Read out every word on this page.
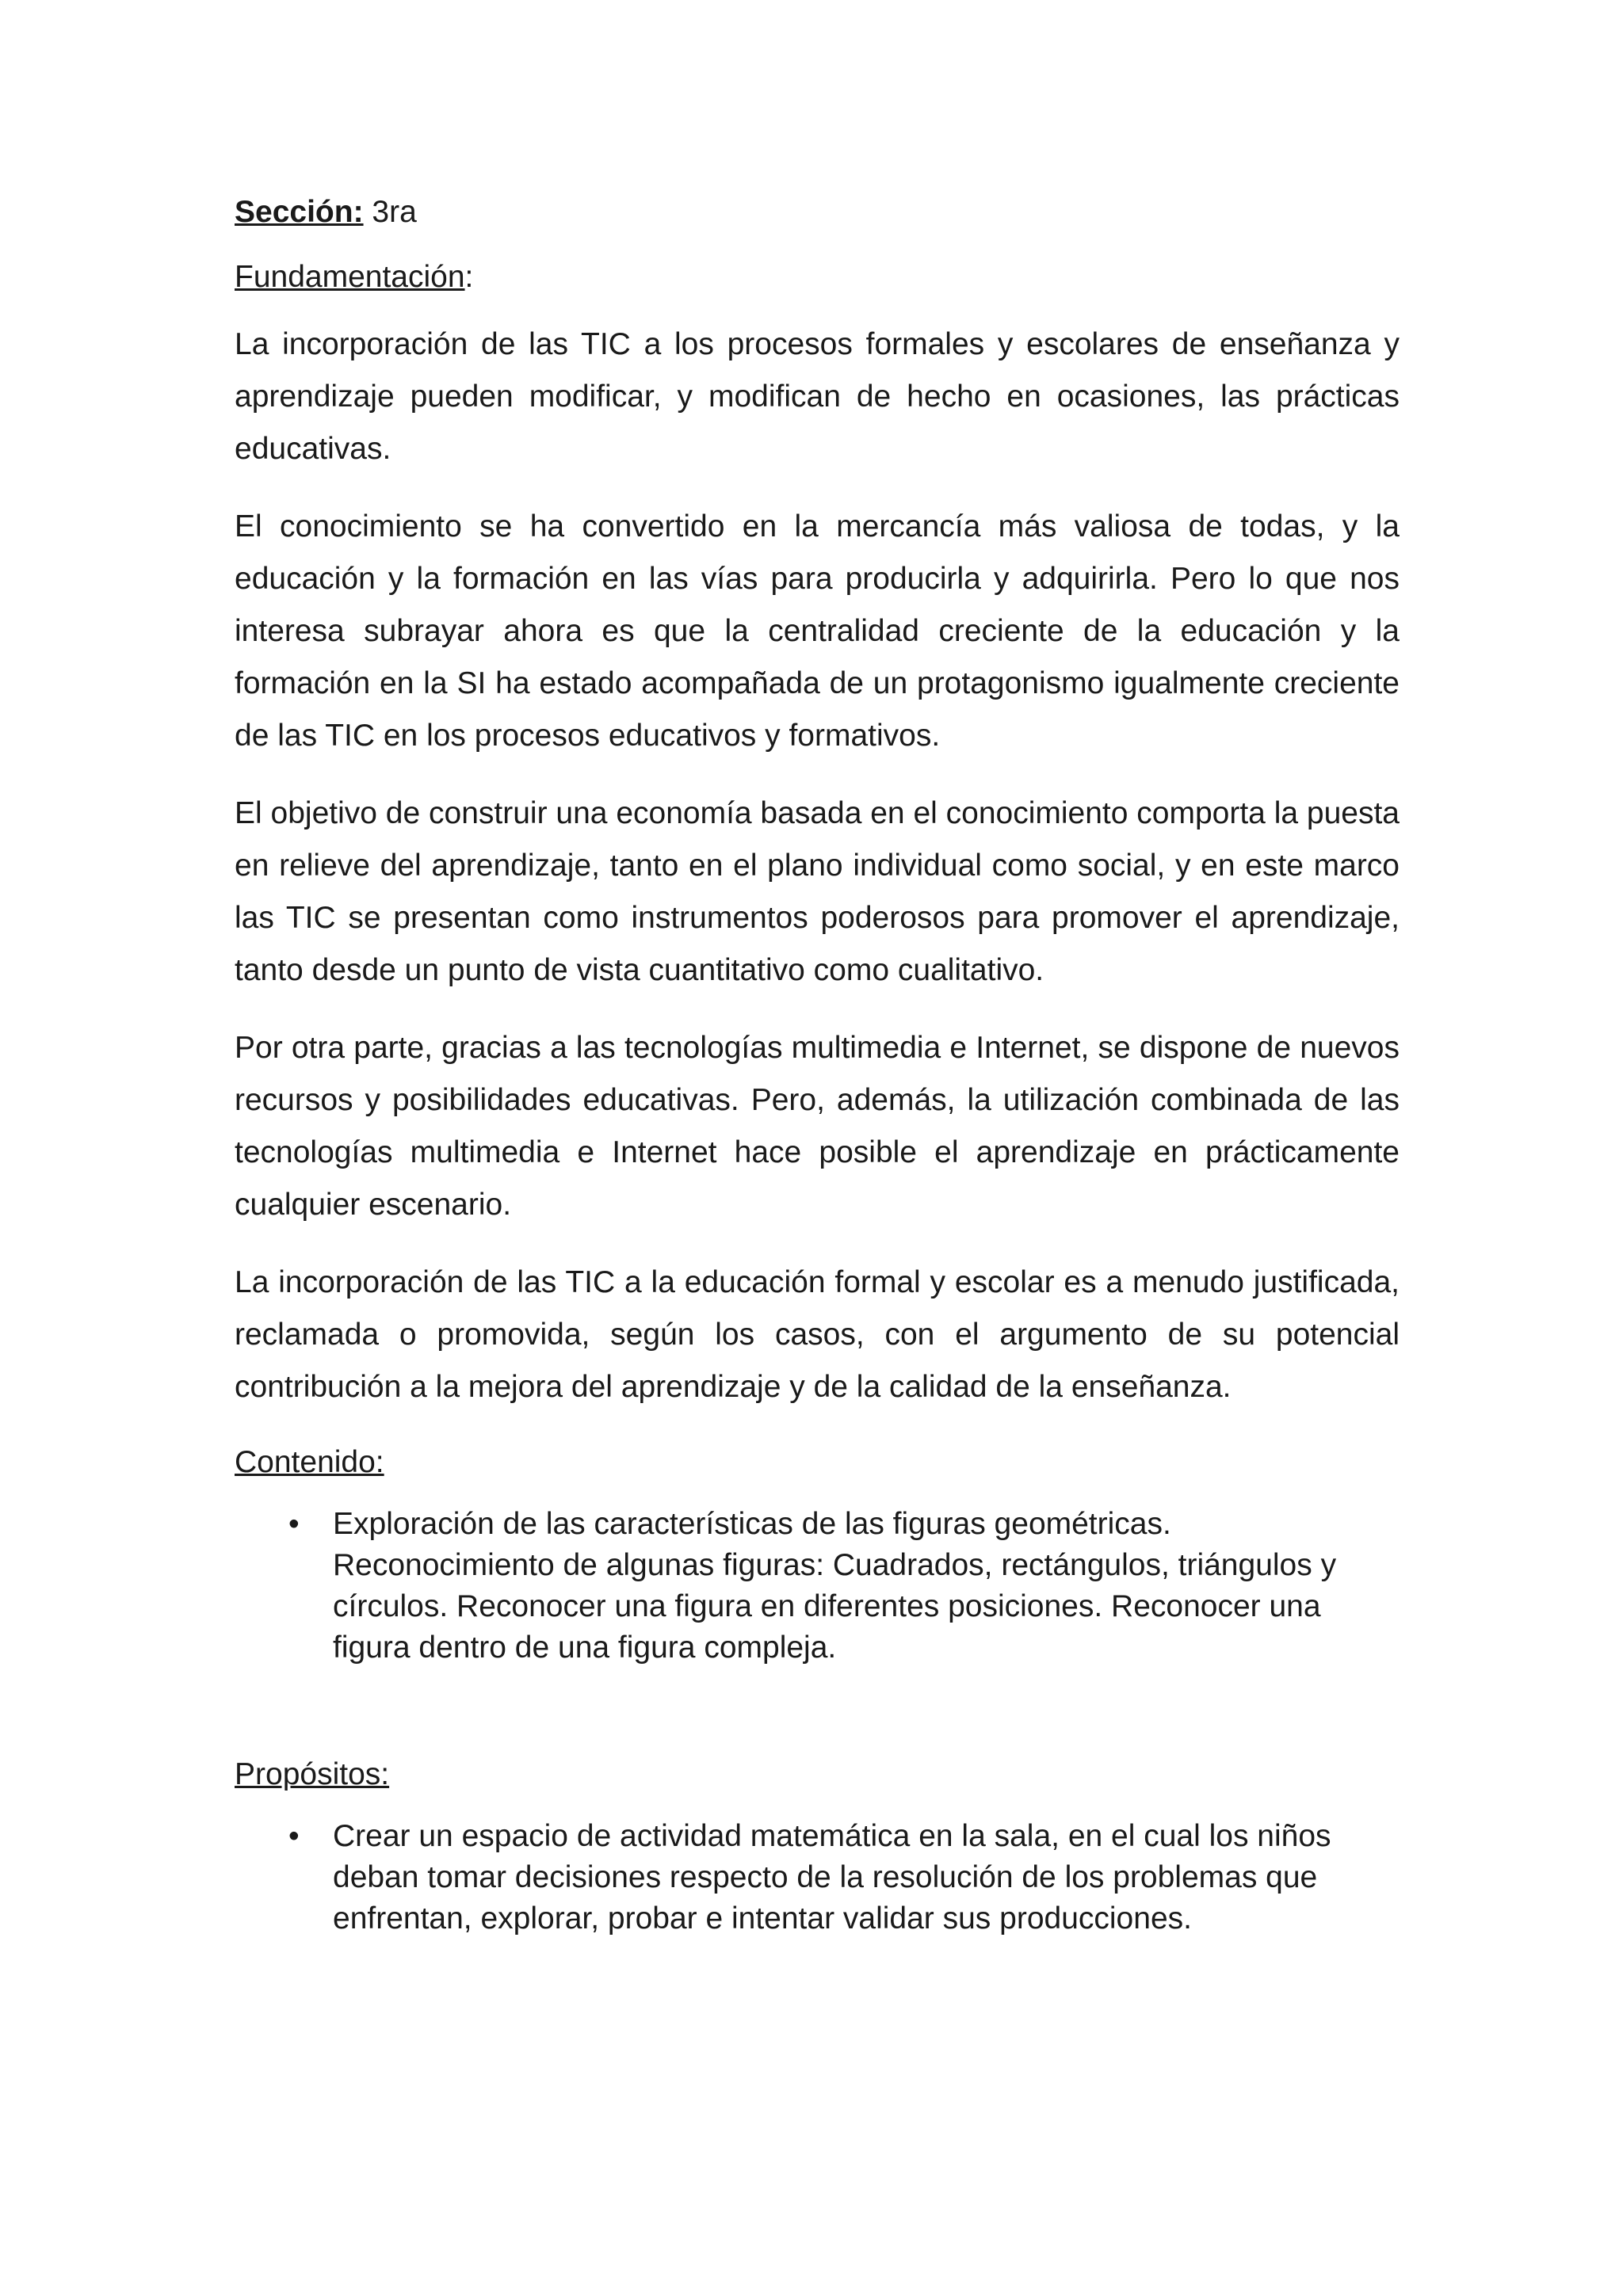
Sección: 3ra

Fundamentación:

La incorporación de las TIC a los procesos formales y escolares de enseñanza y aprendizaje pueden modificar, y modifican de hecho en ocasiones, las prácticas educativas.

El conocimiento se ha convertido en la mercancía más valiosa de todas, y la educación y la formación en las vías para producirla y adquirirla. Pero lo que nos interesa subrayar ahora es que la centralidad creciente de la educación y la formación en la SI ha estado acompañada de un protagonismo igualmente creciente de las TIC en los procesos educativos y formativos.

El objetivo de construir una economía basada en el conocimiento comporta la puesta en relieve del aprendizaje, tanto en el plano individual como social, y en este marco las TIC se presentan como instrumentos poderosos para promover el aprendizaje, tanto desde un punto de vista cuantitativo como cualitativo.

Por otra parte, gracias a las tecnologías multimedia e Internet, se dispone de nuevos recursos y posibilidades educativas. Pero, además, la utilización combinada de las tecnologías multimedia e Internet hace posible el aprendizaje en prácticamente cualquier escenario.

La incorporación de las TIC a la educación formal y escolar es a menudo justificada, reclamada o promovida, según los casos, con el argumento de su potencial contribución a la mejora del aprendizaje y de la calidad de la enseñanza.

Contenido:

• Exploración de las características de las figuras geométricas. Reconocimiento de algunas figuras: Cuadrados, rectángulos, triángulos y círculos. Reconocer una figura en diferentes posiciones. Reconocer una figura dentro de una figura compleja.

Propósitos:

• Crear un espacio de actividad matemática en la sala, en el cual los niños deban tomar decisiones respecto de la resolución de los problemas que enfrentan, explorar, probar e intentar validar sus producciones.
